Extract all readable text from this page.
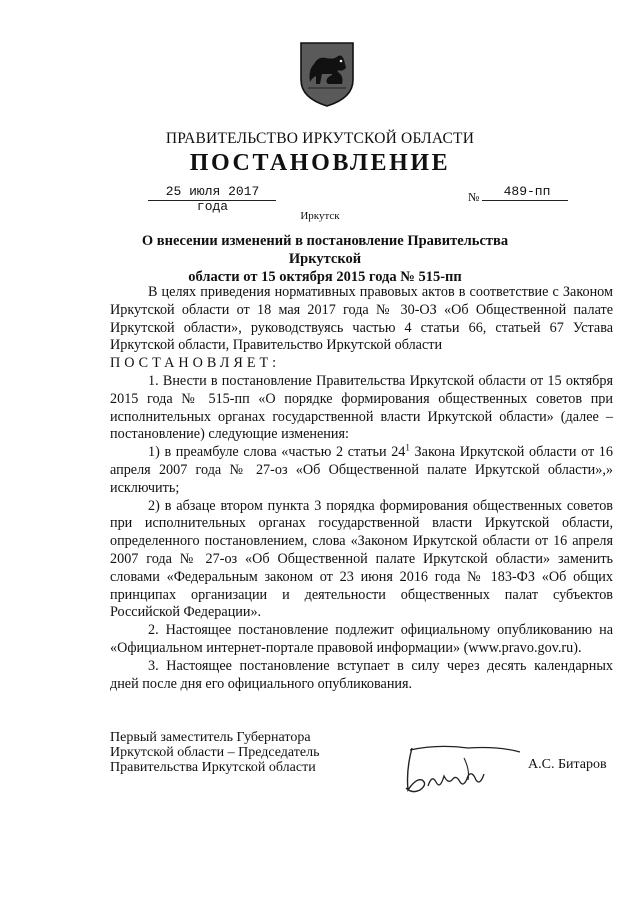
ПРАВИТЕЛЬСТВО ИРКУТСКОЙ ОБЛАСТИ
ПОСТАНОВЛЕНИЕ
25 июля 2017 года
№	489-пп
Иркутск
О внесении изменений в постановление Правительства Иркутской
области от 15 октября 2015 года № 515-пп

В целях приведения нормативных правовых актов в соответствие с Законом Иркутской области от 18 мая 2017 года № 30-ОЗ «Об Общественной палате Иркутской области», руководствуясь частью 4 статьи 66, статьей 67 Устава Иркутской области, Правительство Иркутской области

ПОСТАНОВЛЯЕТ:

1. Внести в постановление Правительства Иркутской области от 15 октября 2015 года № 515-пп «О порядке формирования общественных советов при исполнительных органах государственной власти Иркутской области» (далее – постановление) следующие изменения:

1) в преамбуле слова «частью 2 статьи $24^1$ Закона Иркутской области от 16 апреля 2007 года № 27-оз «Об Общественной палате Иркутской области»,» исключить;

2) в абзаце втором пункта 3 порядка формирования общественных советов при исполнительных органах государственной власти Иркутской области, определенного постановлением, слова «Законом Иркутской области от 16 апреля 2007 года № 27-оз «Об Общественной палате Иркутской области» заменить словами «Федеральным законом от 23 июня 2016 года № 183-ФЗ «Об общих принципах организации и деятельности общественных палат субъектов Российской Федерации».

2. Настоящее постановление подлежит официальному опубликованию на «Официальном интернет-портале правовой информации» (www.pravo.gov.ru).

3. Настоящее постановление вступает в силу через десять календарных дней после дня его официального опубликования.

Первый заместитель Губернатора
Иркутской области – Председатель
Правительства Иркутской области	А.С. Битаров
